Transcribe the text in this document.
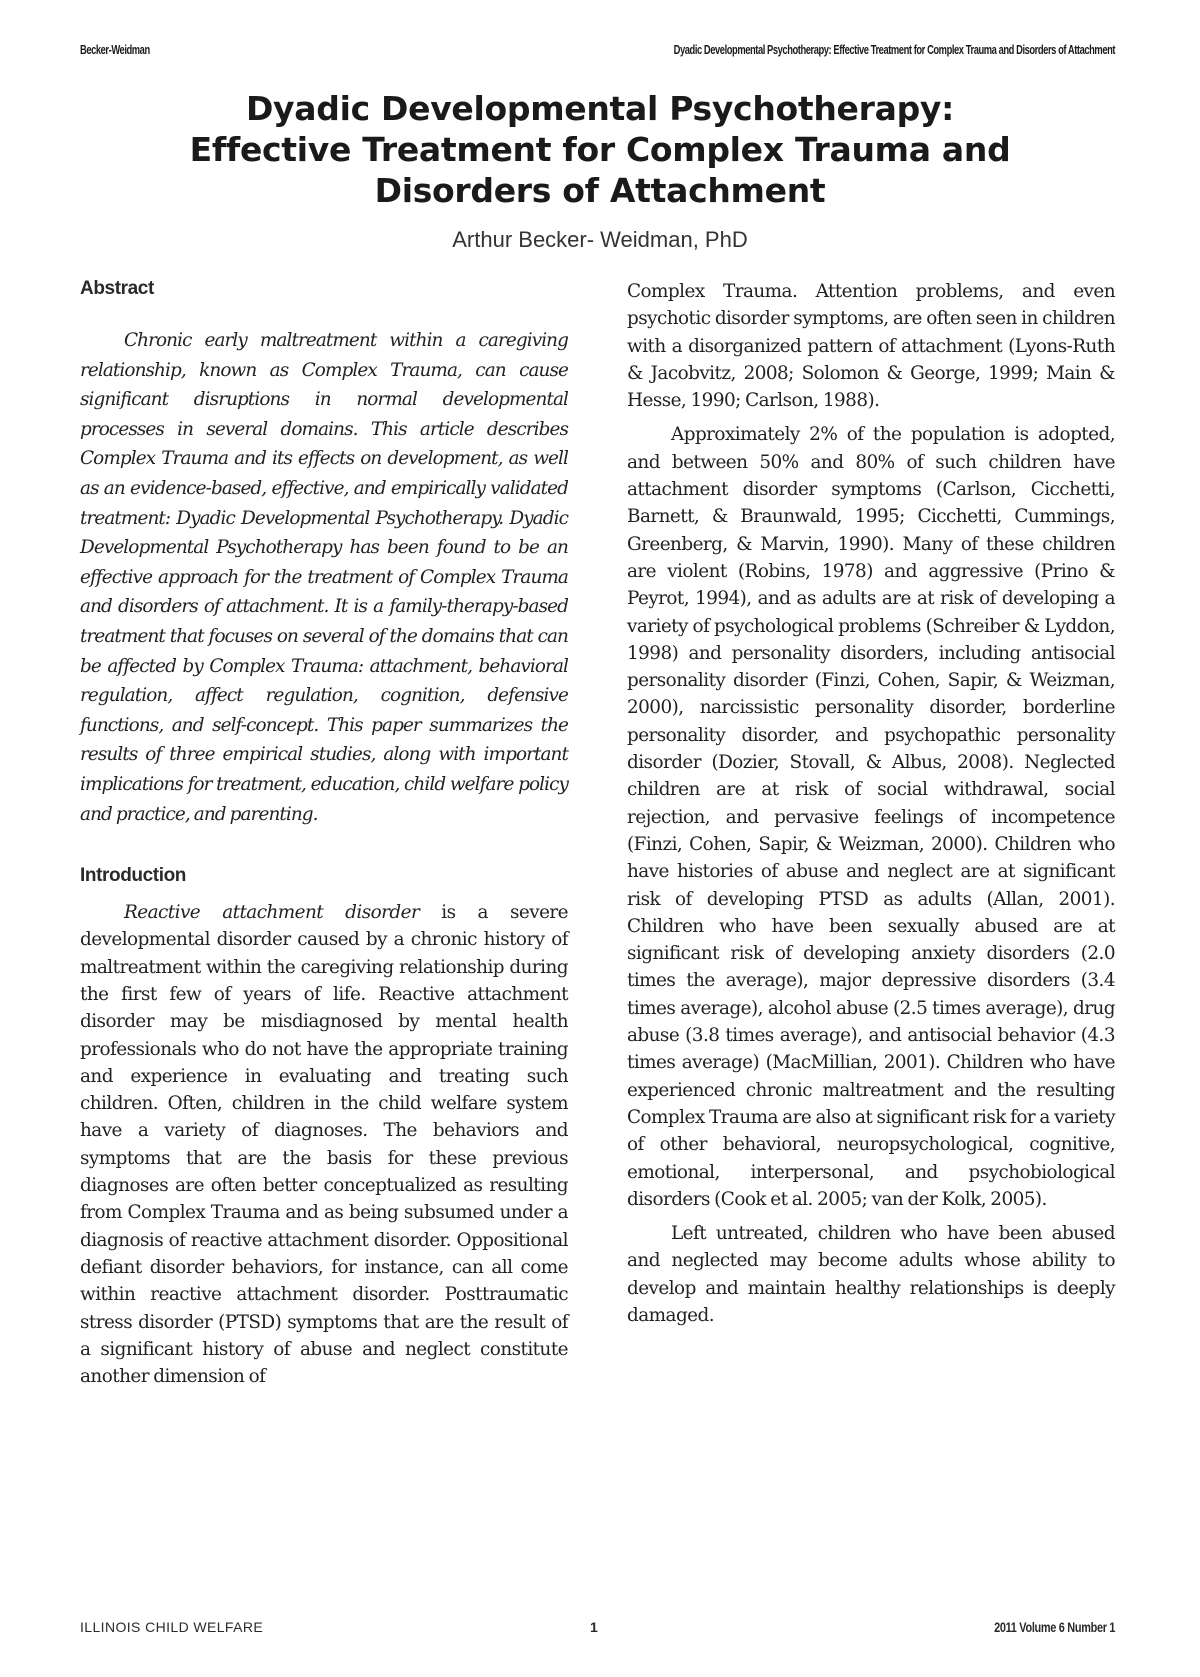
Becker-Weidman	Dyadic Developmental Psychotherapy: Effective Treatment for Complex Trauma and Disorders of Attachment
Dyadic Developmental Psychotherapy:
Effective Treatment for Complex Trauma and
Disorders of Attachment
Arthur Becker- Weidman, PhD
Abstract

Chronic early maltreatment within a caregiving relationship, known as Complex Trauma, can cause significant disruptions in normal developmental processes in several domains. This article describes Complex Trauma and its effects on development, as well as an evidence-based, effective, and empirically validated treatment: Dyadic Developmental Psychotherapy. Dyadic Developmental Psychotherapy has been found to be an effective approach for the treatment of Complex Trauma and disorders of attachment. It is a family-therapy-based treatment that focuses on several of the domains that can be affected by Complex Trauma: attachment, behavioral regulation, affect regulation, cognition, defensive functions, and self-concept. This paper summarizes the results of three empirical studies, along with important implications for treatment, education, child welfare policy and practice, and parenting.

Introduction

Reactive attachment disorder is a severe developmental disorder caused by a chronic history of maltreatment within the caregiving relationship during the first few of years of life. Reactive attachment disorder may be misdiagnosed by mental health professionals who do not have the appropriate training and experience in evaluating and treating such children. Often, children in the child welfare system have a variety of diagnoses. The behaviors and symptoms that are the basis for these previous diagnoses are often better conceptualized as resulting from Complex Trauma and as being subsumed under a diagnosis of reactive attachment disorder. Oppositional defiant disorder behaviors, for instance, can all come within reactive attachment disorder. Posttraumatic stress disorder (PTSD) symptoms that are the result of a significant history of abuse and neglect constitute another dimension of

Complex Trauma. Attention problems, and even psychotic disorder symptoms, are often seen in children with a disorganized pattern of attachment (Lyons-Ruth & Jacobvitz, 2008; Solomon & George, 1999; Main & Hesse, 1990; Carlson, 1988).

Approximately 2% of the population is adopted, and between 50% and 80% of such children have attachment disorder symptoms (Carlson, Cicchetti, Barnett, & Braunwald, 1995; Cicchetti, Cummings, Greenberg, & Marvin, 1990). Many of these children are violent (Robins, 1978) and aggressive (Prino & Peyrot, 1994), and as adults are at risk of developing a variety of psychological problems (Schreiber & Lyddon, 1998) and personality disorders, including antisocial personality disorder (Finzi, Cohen, Sapir, & Weizman, 2000), narcissistic personality disorder, borderline personality disorder, and psychopathic personality disorder (Dozier, Stovall, & Albus, 2008). Neglected children are at risk of social withdrawal, social rejection, and pervasive feelings of incompetence (Finzi, Cohen, Sapir, & Weizman, 2000). Children who have histories of abuse and neglect are at significant risk of developing PTSD as adults (Allan, 2001). Children who have been sexually abused are at significant risk of developing anxiety disorders (2.0 times the average), major depressive disorders (3.4 times average), alcohol abuse (2.5 times average), drug abuse (3.8 times average), and antisocial behavior (4.3 times average) (MacMillian, 2001). Children who have experienced chronic maltreatment and the resulting Complex Trauma are also at significant risk for a variety of other behavioral, neuropsychological, cognitive, emotional, interpersonal, and psychobiological disorders (Cook et al. 2005; van der Kolk, 2005).

Left untreated, children who have been abused and neglected may become adults whose ability to develop and maintain healthy relationships is deeply damaged.

ILLINOIS CHILD WELFARE	1	2011 Volume 6 Number 1
